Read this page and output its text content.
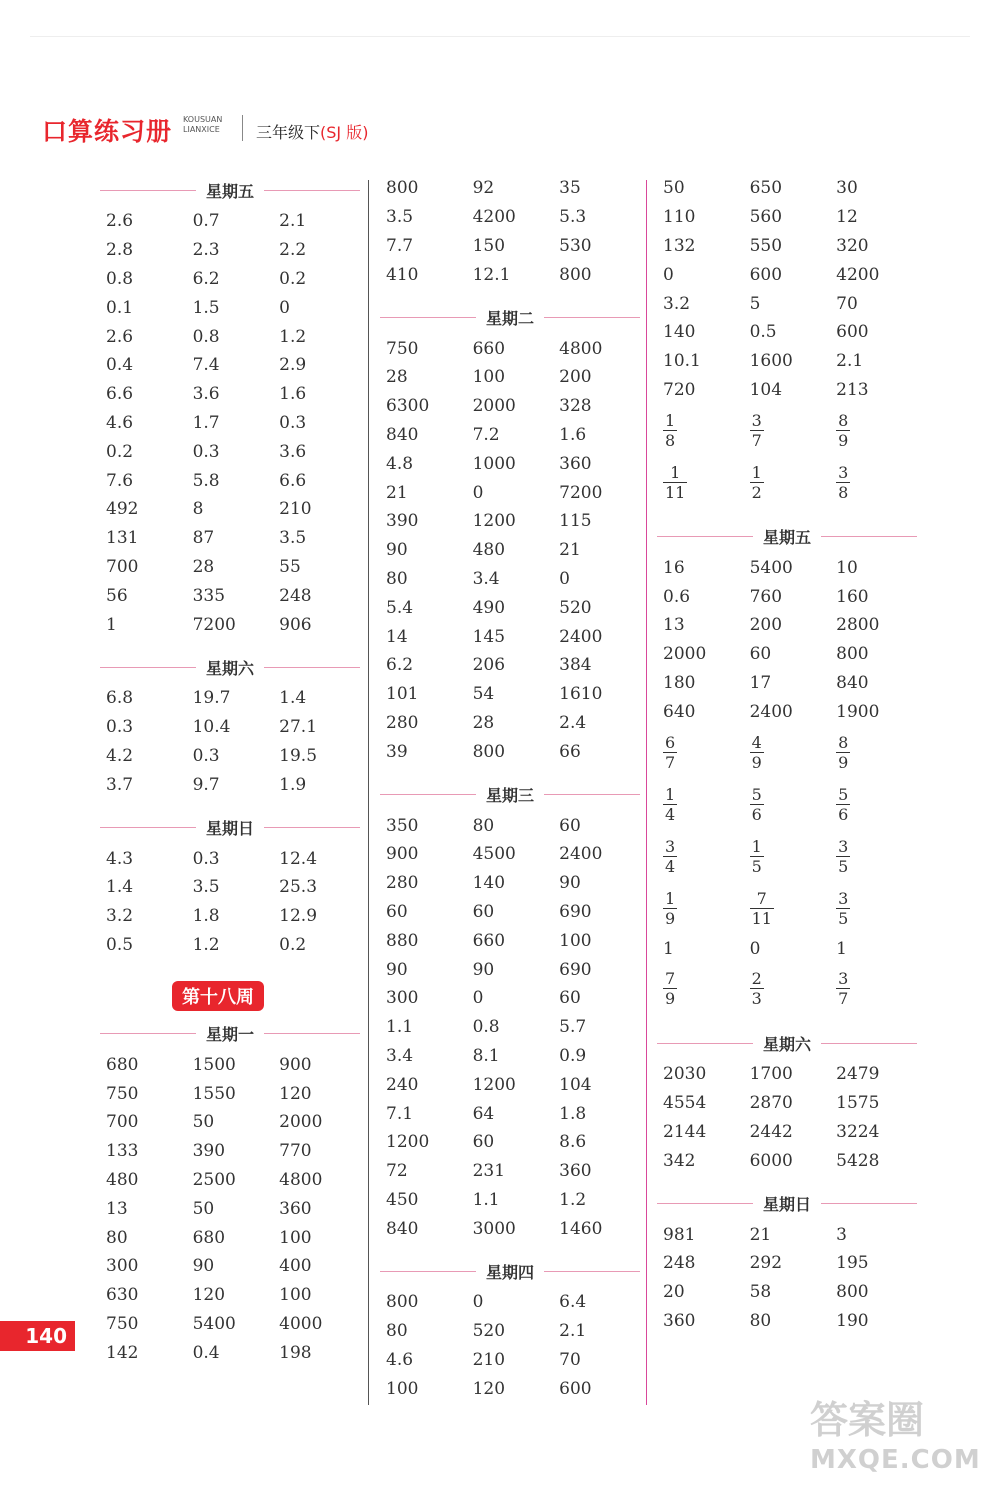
口算练习册 KOUSUAN
LIANXICE 三年级下(SJ 版)
星期五
2.6	0.7	2.1
2.8	2.3	2.2
0.8	6.2	0.2
0.1	1.5	0
2.6	0.8	1.2
0.4	7.4	2.9
6.6	3.6	1.6
4.6	1.7	0.3
0.2	0.3	3.6
7.6	5.8	6.6
492	8	210
131	87	3.5
700	28	55
56	335	248
1	7200	906
星期六
6.8	19.7	1.4
0.3	10.4	27.1
4.2	0.3	19.5
3.7	9.7	1.9
星期日
4.3	0.3	12.4
1.4	3.5	25.3
3.2	1.8	12.9
0.5	1.2	0.2
第十八周
星期一
680	1500	900
750	1550	120
700	50	2000
133	390	770
480	2500	4800
13	50	360
80	680	100
300	90	400
630	120	100
750	5400	4000
142	0.4	198
800	92	35
3.5	4200	5.3
7.7	150	530
410	12.1	800
星期二
750	660	4800
28	100	200
6300	2000	328
840	7.2	1.6
4.8	1000	360
21	0	7200
390	1200	115
90	480	21
80	3.4	0
5.4	490	520
14	145	2400
6.2	206	384
101	54	1610
280	28	2.4
39	800	66
星期三
350	80	60
900	4500	2400
280	140	90
60	60	690
880	660	100
90	90	690
300	0	60
1.1	0.8	5.7
3.4	8.1	0.9
240	1200	104
7.1	64	1.8
1200	60	8.6
72	231	360
450	1.1	1.2
840	3000	1460
星期四
800	0	6.4
80	520	2.1
4.6	210	70
100	120	600
50	650	30
110	560	12
132	550	320
0	600	4200
3.2	5	70
140	0.5	600
10.1	1600	2.1
720	104	213
$\frac{1}{8}$	$\frac{3}{7}$	$\frac{8}{9}$
$\frac{1}{11}$	$\frac{1}{2}$	$\frac{3}{8}$
星期五
16	5400	10
0.6	760	160
13	200	2800
2000	60	800
180	17	840
640	2400	1900
$\frac{6}{7}$	$\frac{4}{9}$	$\frac{8}{9}$
$\frac{1}{4}$	$\frac{5}{6}$	$\frac{5}{6}$
$\frac{3}{4}$	$\frac{1}{5}$	$\frac{3}{5}$
$\frac{1}{9}$	$\frac{7}{11}$	$\frac{3}{5}$
1	0	1
$\frac{7}{9}$	$\frac{2}{3}$	$\frac{3}{7}$
星期六
2030	1700	2479
4554	2870	1575
2144	2442	3224
342	6000	5428
星期日
981	21	3
248	292	195
20	58	800
360	80	190
140
答案圈
MXQE.COM
